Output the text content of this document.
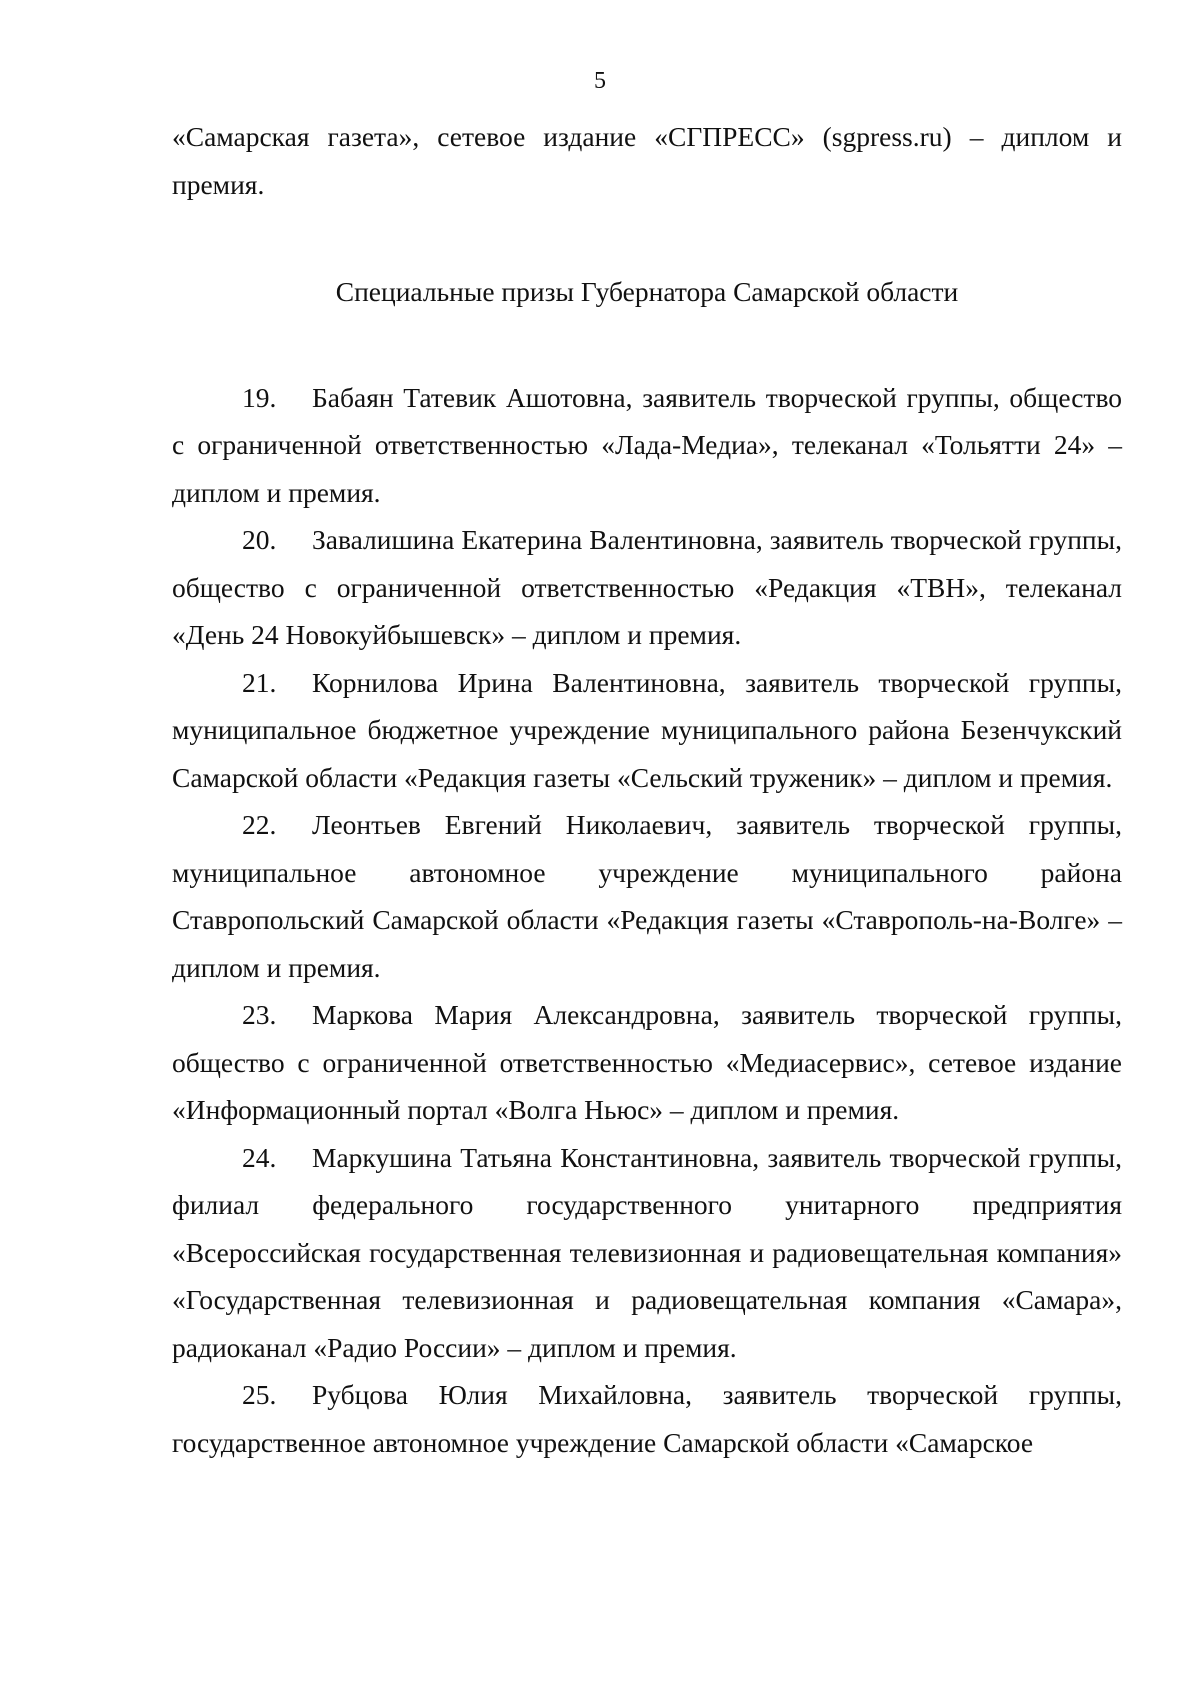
5

«Самарская газета», сетевое издание «СГПРЕСС» (sgpress.ru) – диплом и премия.

Специальные призы Губернатора Самарской области

19. Бабаян Татевик Ашотовна, заявитель творческой группы, общество с ограниченной ответственностью «Лада-Медиа», телеканал «Тольятти 24» – диплом и премия.

20. Завалишина Екатерина Валентиновна, заявитель творческой группы, общество с ограниченной ответственностью «Редакция «ТВН», телеканал «День 24 Новокуйбышевск» – диплом и премия.

21. Корнилова Ирина Валентиновна, заявитель творческой группы, муниципальное бюджетное учреждение муниципального района Безенчукский Самарской области «Редакция газеты «Сельский труженик» – диплом и премия.

22. Леонтьев Евгений Николаевич, заявитель творческой группы, муниципальное автономное учреждение муниципального района Ставропольский Самарской области «Редакция газеты «Ставрополь-на-Волге» – диплом и премия.

23. Маркова Мария Александровна, заявитель творческой группы, общество с ограниченной ответственностью «Медиасервис», сетевое издание «Информационный портал «Волга Ньюс» – диплом и премия.

24. Маркушина Татьяна Константиновна, заявитель творческой группы, филиал федерального государственного унитарного предприятия «Всероссийская государственная телевизионная и радиовещательная компания» «Государственная телевизионная и радиовещательная компания «Самара», радиоканал «Радио России» – диплом и премия.

25. Рубцова Юлия Михайловна, заявитель творческой группы, государственное автономное учреждение Самарской области «Самарское
